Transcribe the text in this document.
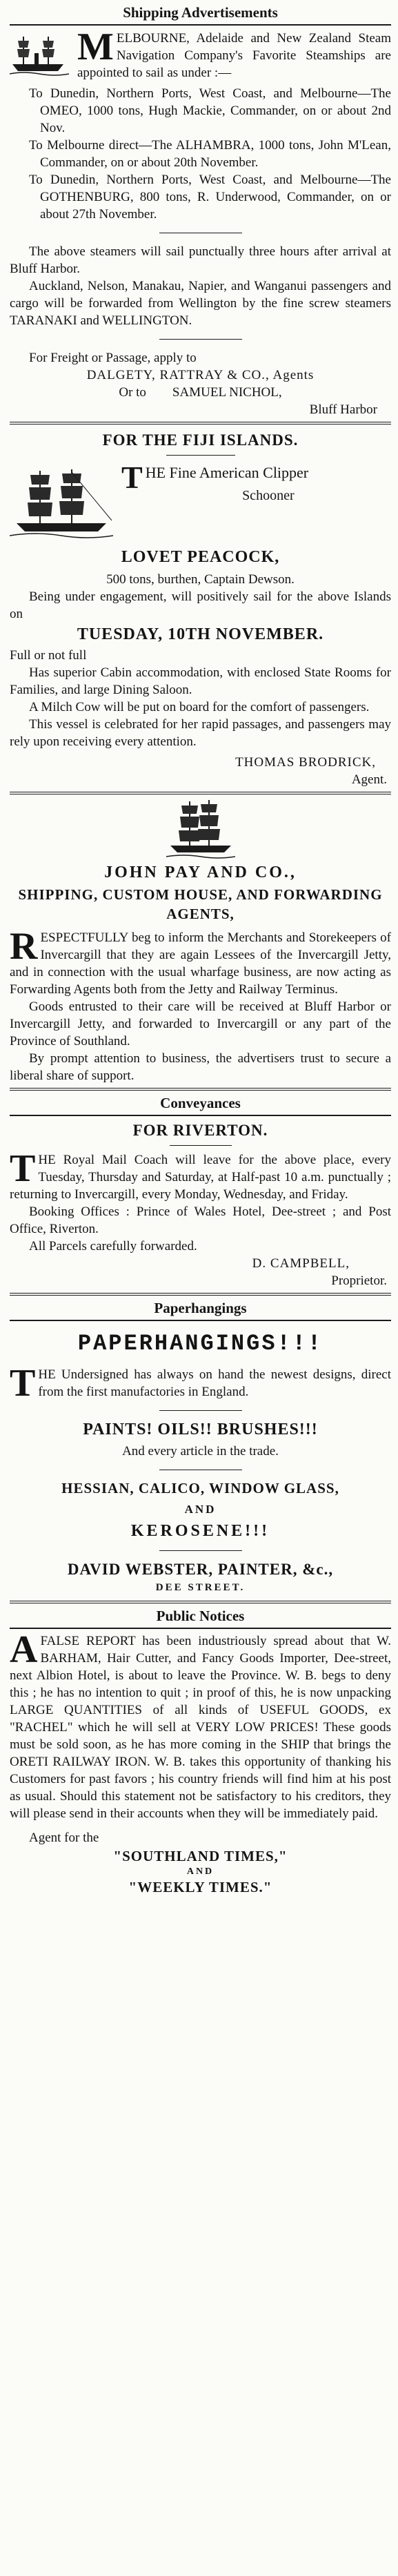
Shipping Advertisements

MELBOURNE, Adelaide and New Zealand Steam Navigation Company's Favorite Steamships are appointed to sail as under :—

To Dunedin, Northern Ports, West Coast, and Melbourne—The OMEO, 1000 tons, Hugh Mackie, Commander, on or about 2nd Nov.

To Melbourne direct—The ALHAMBRA, 1000 tons, John M'Lean, Commander, on or about 20th November.

To Dunedin, Northern Ports, West Coast, and Melbourne—The GOTHENBURG, 800 tons, R. Underwood, Commander, on or about 27th November.

The above steamers will sail punctually three hours after arrival at Bluff Harbor.

Auckland, Nelson, Manakau, Napier, and Wanganui passengers and cargo will be forwarded from Wellington by the fine screw steamers TARANAKI and WELLINGTON.

For Freight or Passage, apply to

DALGETY, RATTRAY & CO., Agents

Or to        SAMUEL NICHOL,

Bluff Harbor

FOR THE FIJI ISLANDS.

THE Fine American Clipper

Schooner

LOVET PEACOCK,

500 tons, burthen, Captain Dewson.

Being under engagement, will positively sail for the above Islands on

TUESDAY, 10TH NOVEMBER.

Full or not full

Has superior Cabin accommodation, with enclosed State Rooms for Families, and large Dining Saloon.

A Milch Cow will be put on board for the comfort of passengers.

This vessel is celebrated for her rapid passages, and passengers may rely upon receiving every attention.

THOMAS BRODRICK,

Agent.

JOHN PAY AND CO.,
SHIPPING, CUSTOM HOUSE, AND FORWARDING AGENTS,

RESPECTFULLY beg to inform the Merchants and Storekeepers of Invercargill that they are again Lessees of the Invercargill Jetty, and in connection with the usual wharfage business, are now acting as Forwarding Agents both from the Jetty and Railway Terminus.

Goods entrusted to their care will be received at Bluff Harbor or Invercargill Jetty, and forwarded to Invercargill or any part of the Province of Southland.

By prompt attention to business, the advertisers trust to secure a liberal share of support.

Conveyances
FOR RIVERTON.

THE Royal Mail Coach will leave for the above place, every Tuesday, Thursday and Saturday, at Half-past 10 a.m. punctually ; returning to Invercargill, every Monday, Wednesday, and Friday.

Booking Offices : Prince of Wales Hotel, Dee-street ; and Post Office, Riverton.

All Parcels carefully forwarded.

D. CAMPBELL,

Proprietor.

Paperhangings
PAPERHANGINGS!!!

THE Undersigned has always on hand the newest designs, direct from the first manufactories in England.

PAINTS! OILS!! BRUSHES!!!

And every article in the trade.

HESSIAN, CALICO, WINDOW GLASS,
AND
KEROSENE!!!
DAVID WEBSTER, PAINTER, &c.,
DEE STREET.
Public Notices

AFALSE REPORT has been industriously spread about that W. BARHAM, Hair Cutter, and Fancy Goods Importer, Dee-street, next Albion Hotel, is about to leave the Province. W. B. begs to deny this ; he has no intention to quit ; in proof of this, he is now unpacking LARGE QUANTITIES of all kinds of USEFUL GOODS, ex "RACHEL" which he will sell at VERY LOW PRICES! These goods must be sold soon, as he has more coming in the SHIP that brings the ORETI RAILWAY IRON. W. B. takes this opportunity of thanking his Customers for past favors ; his country friends will find him at his post as usual. Should this statement not be satisfactory to his creditors, they will please send in their accounts when they will be immediately paid.

Agent for the

"SOUTHLAND TIMES,"
AND
"WEEKLY TIMES."
